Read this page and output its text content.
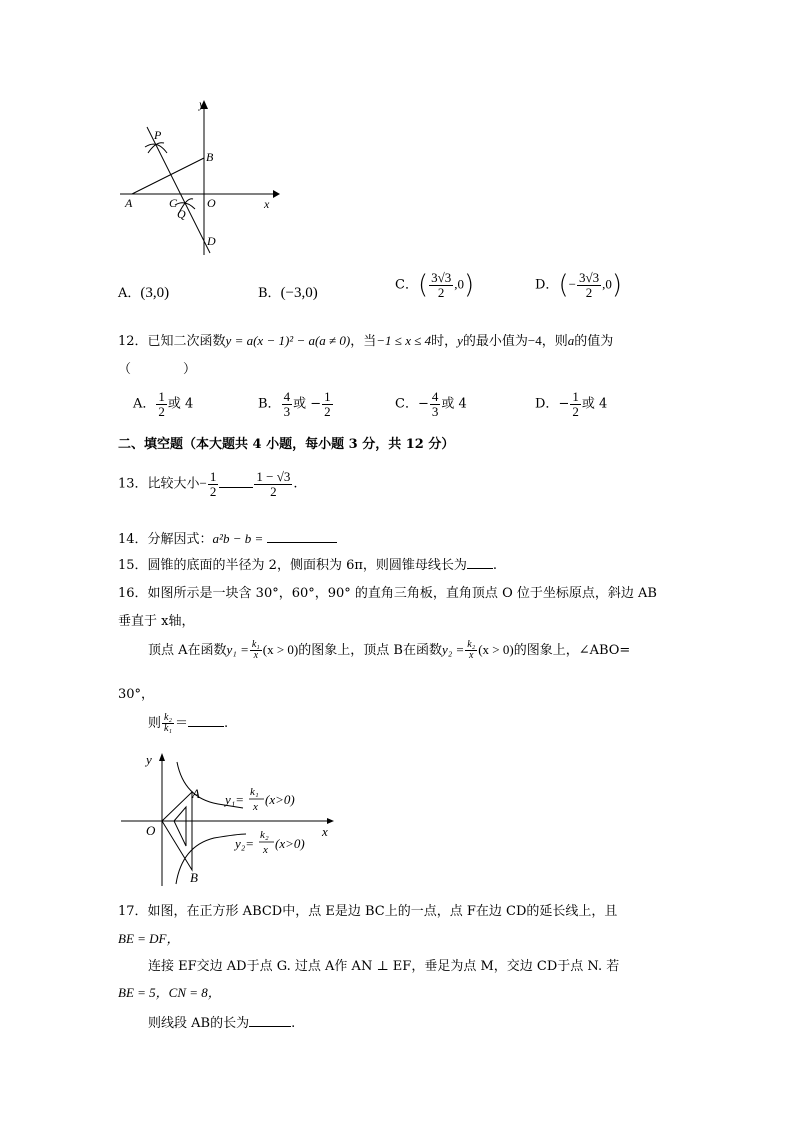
y
x
P
B
A	C O
Q
D
A．(3,0)	B．(−3,0)	C．( $\frac{3√3}{2} ,0$)	D．(− $\frac{3√3}{2} ,0$)
12．已知二次函数y = a(x − 1)² − a(a ≠ 0)，当−1 ≤ x ≤ 4时，y的最小值为−4，则a的值为
（　　　　）
A． $\frac{1}{2}$ 或 4	B． $\frac{4}{3}$ 或 − $\frac{1}{2}$	C．− $\frac{4}{3}$ 或 4	D．− $\frac{1}{2}$ 或 4
二、填空题（本大题共 4 小题，每小题 3 分，共 12 分）
13．比较大小− $\frac{1}{2}$	$\frac{1 - √3}{2}$ .
14．分解因式：a²b − b =
15．圆锥的底面的半径为 2，侧面积为 6π，则圆锥母线长为 .
16．如图所示是一块含 30°，60°，90° 的直角三角板，直角顶点 O 位于坐标原点，斜边 AB
垂直于 x轴，
顶点 A在函数$y_1 = \frac{\text{k₁}}{x} (x > 0)$的图象上，顶点 B在函数$y_2 = \frac{\text{k₂}}{x} (x > 0)$的图象上，∠ABO=
30°，
则 $\frac{\text{k₂}}{\text{k₁}}$ ＝	.
y
x
O
A
B
y₁= k₁
x (x>0)
y₂=
k₂
x (x>0)
17．如图，在正方形 ABCD中，点 E是边 BC上的一点，点 F在边 CD的延长线上，且
BE = DF，
连接 EF交边 AD于点 G. 过点 A作 AN ⊥ EF，垂足为点 M，交边 CD于点 N. 若
BE = 5，CN = 8，
则线段 AB的长为	.
